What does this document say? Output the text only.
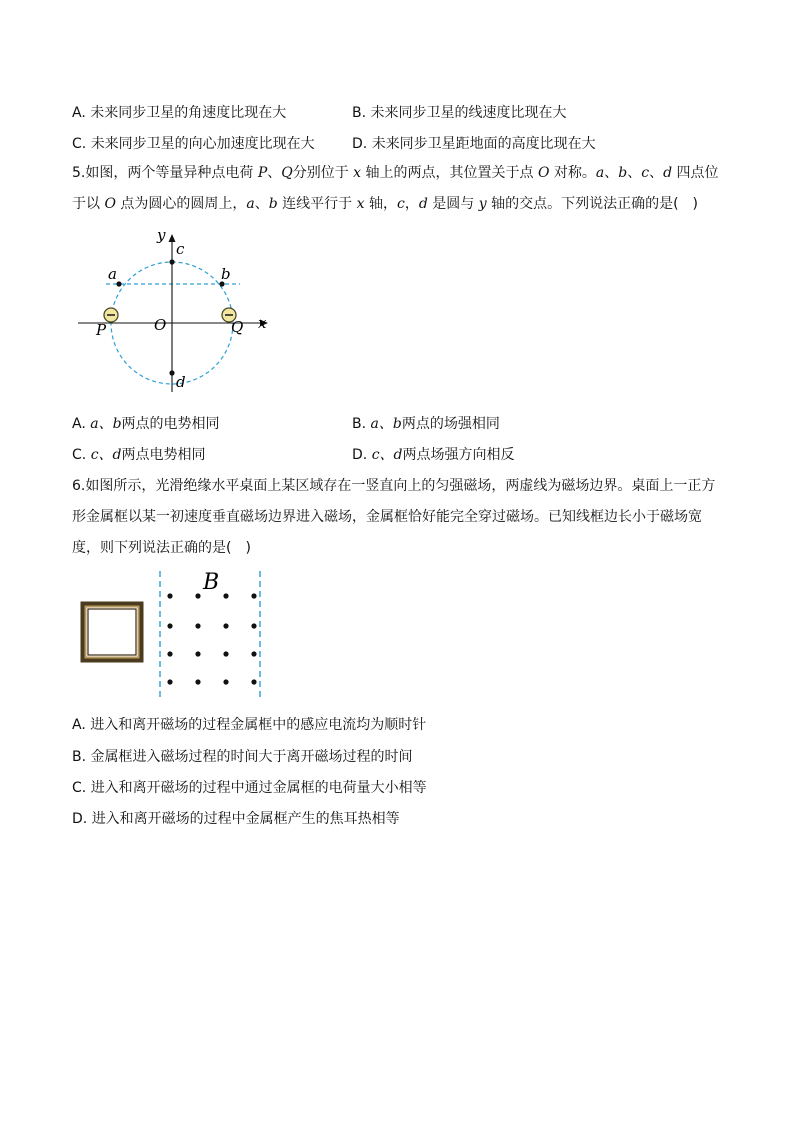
A. 未来同步卫星的角速度比现在大	B. 未来同步卫星的线速度比现在大
C. 未来同步卫星的向心加速度比现在大	D. 未来同步卫星距地面的高度比现在大
5.如图，两个等量异种点电荷 P、Q分别位于 x 轴上的两点，其位置关于点 O 对称。a、b、c、d 四点位于以 O 点为圆心的圆周上，a、b 连线平行于 x 轴，c，d 是圆与 y 轴的交点。下列说法正确的是(　)
y
c
a	b
O
P	Q x
d
A. a、b两点的电势相同	B. a、b两点的场强相同
C. c、d两点电势相同	D. c、d两点场强方向相反
6.如图所示，光滑绝缘水平桌面上某区域存在一竖直向上的匀强磁场，两虚线为磁场边界。桌面上一正方形金属框以某一初速度垂直磁场边界进入磁场，金属框恰好能完全穿过磁场。已知线框边长小于磁场宽度，则下列说法正确的是(　)
B
A. 进入和离开磁场的过程金属框中的感应电流均为顺时针
B. 金属框进入磁场过程的时间大于离开磁场过程的时间
C. 进入和离开磁场的过程中通过金属框的电荷量大小相等
D. 进入和离开磁场的过程中金属框产生的焦耳热相等
